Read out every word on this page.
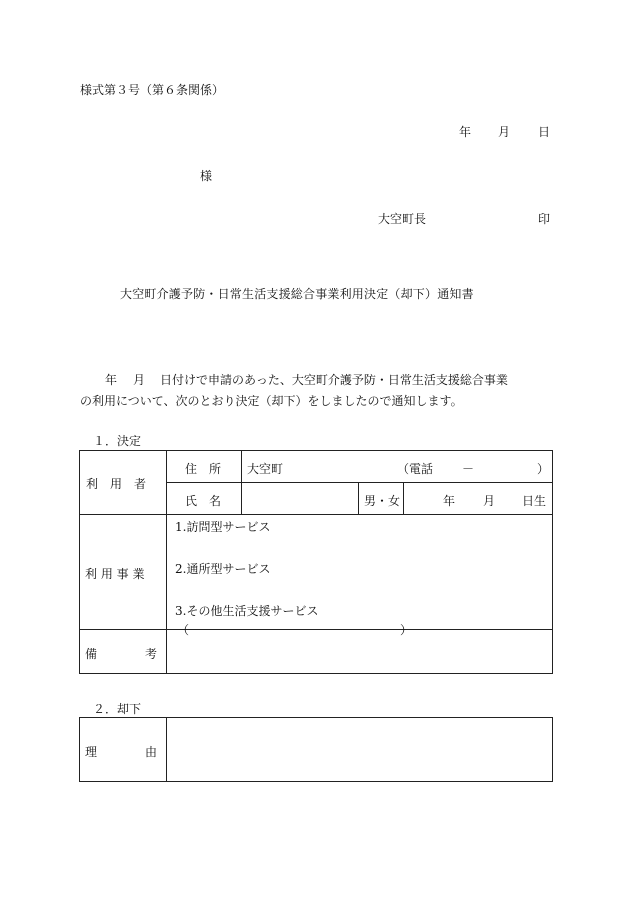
様式第３号（第６条関係）
年 月 日
様
大空町長	印
大空町介護予防・日常生活支援総合事業利用決定（却下）通知書
年 月 日付けで申請のあった、大空町介護予防・日常生活支援総合事業
の利用について、次のとおり決定（却下）をしましたので通知します。
１．決定
利　用　者	住　所	大空町 （電話 － ）		

	氏　名		男・女	年 月 日生

利 用 事 業	1.訪問型サービス
2.通所型サービス
3.その他生活支援サービス
（ ）			

備　　　　考				

２．却下
理　　　　由
